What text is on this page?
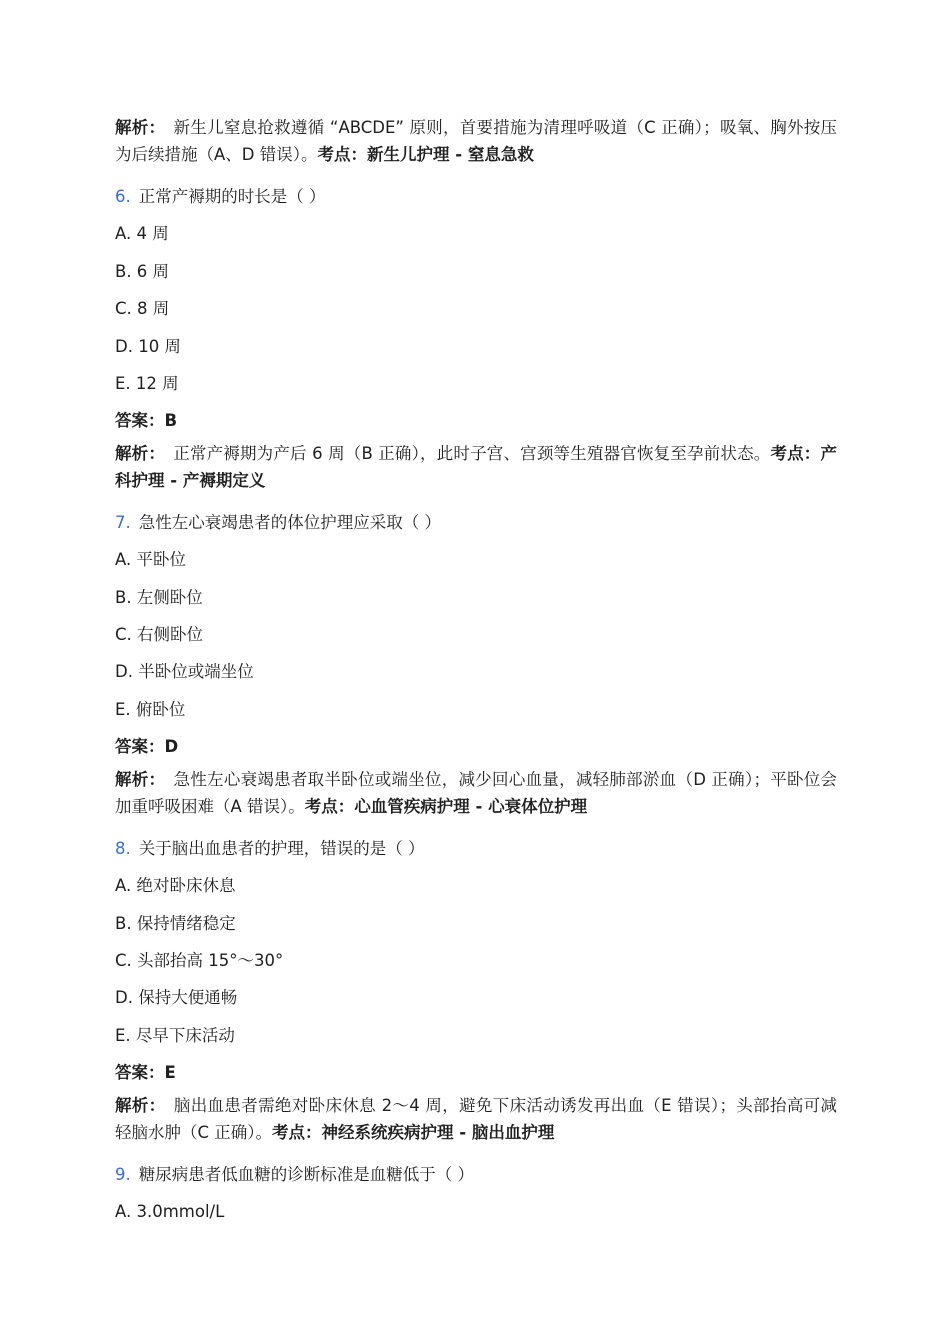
解析： 新生儿窒息抢救遵循 “ABCDE” 原则，首要措施为清理呼吸道（C 正确）；吸氧、胸外按压为后续措施（A、D 错误）。考点：新生儿护理 - 窒息急救
6. 正常产褥期的时长是（ ）
A. 4 周
B. 6 周
C. 8 周
D. 10 周
E. 12 周
答案：B
解析： 正常产褥期为产后 6 周（B 正确），此时子宫、宫颈等生殖器官恢复至孕前状态。考点：产科护理 - 产褥期定义
7. 急性左心衰竭患者的体位护理应采取（ ）
A. 平卧位
B. 左侧卧位
C. 右侧卧位
D. 半卧位或端坐位
E. 俯卧位
答案：D
解析： 急性左心衰竭患者取半卧位或端坐位，减少回心血量，减轻肺部淤血（D 正确）；平卧位会加重呼吸困难（A 错误）。考点：心血管疾病护理 - 心衰体位护理
8. 关于脑出血患者的护理，错误的是（ ）
A. 绝对卧床休息
B. 保持情绪稳定
C. 头部抬高 15°～30°
D. 保持大便通畅
E. 尽早下床活动
答案：E
解析： 脑出血患者需绝对卧床休息 2～4 周，避免下床活动诱发再出血（E 错误）；头部抬高可减轻脑水肿（C 正确）。考点：神经系统疾病护理 - 脑出血护理
9. 糖尿病患者低血糖的诊断标准是血糖低于（ ）
A. 3.0mmol/L
